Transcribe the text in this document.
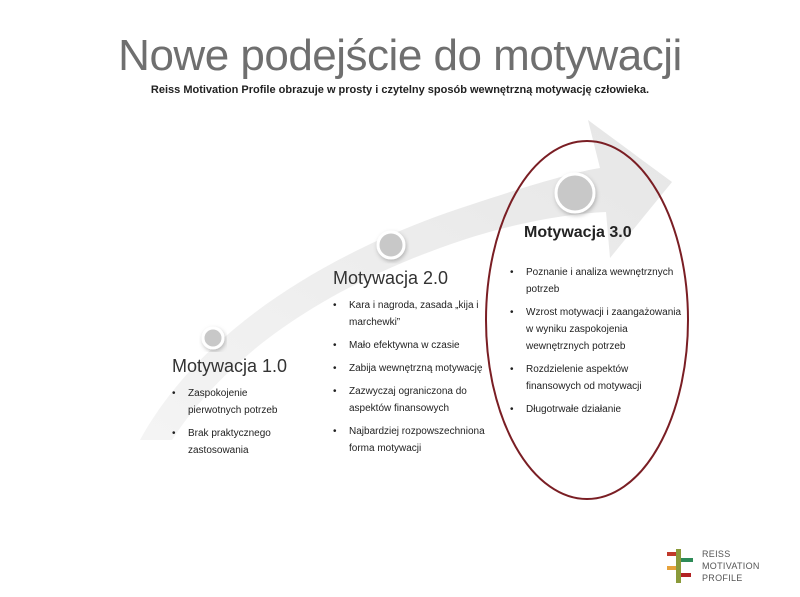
Nowe podejście do motywacji
Reiss Motivation Profile obrazuje w prosty i czytelny sposób wewnętrzną motywację człowieka.
Motywacja 1.0
• Zaspokojenie pierwotnych potrzeb
• Brak praktycznego zastosowania
Motywacja 2.0
• Kara i nagroda, zasada „kija i marchewki”
• Mało efektywna w czasie
• Zabija wewnętrzną motywację
• Zazwyczaj ograniczona do aspektów finansowych
• Najbardziej rozpowszechniona forma motywacji
Motywacja 3.0
• Poznanie i analiza wewnętrznych potrzeb
• Wzrost motywacji i zaangażowania w wyniku zaspokojenia wewnętrznych potrzeb
• Rozdzielenie aspektów finansowych od motywacji
• Długotrwałe działanie
REISS
MOTIVATION
PROFILE
